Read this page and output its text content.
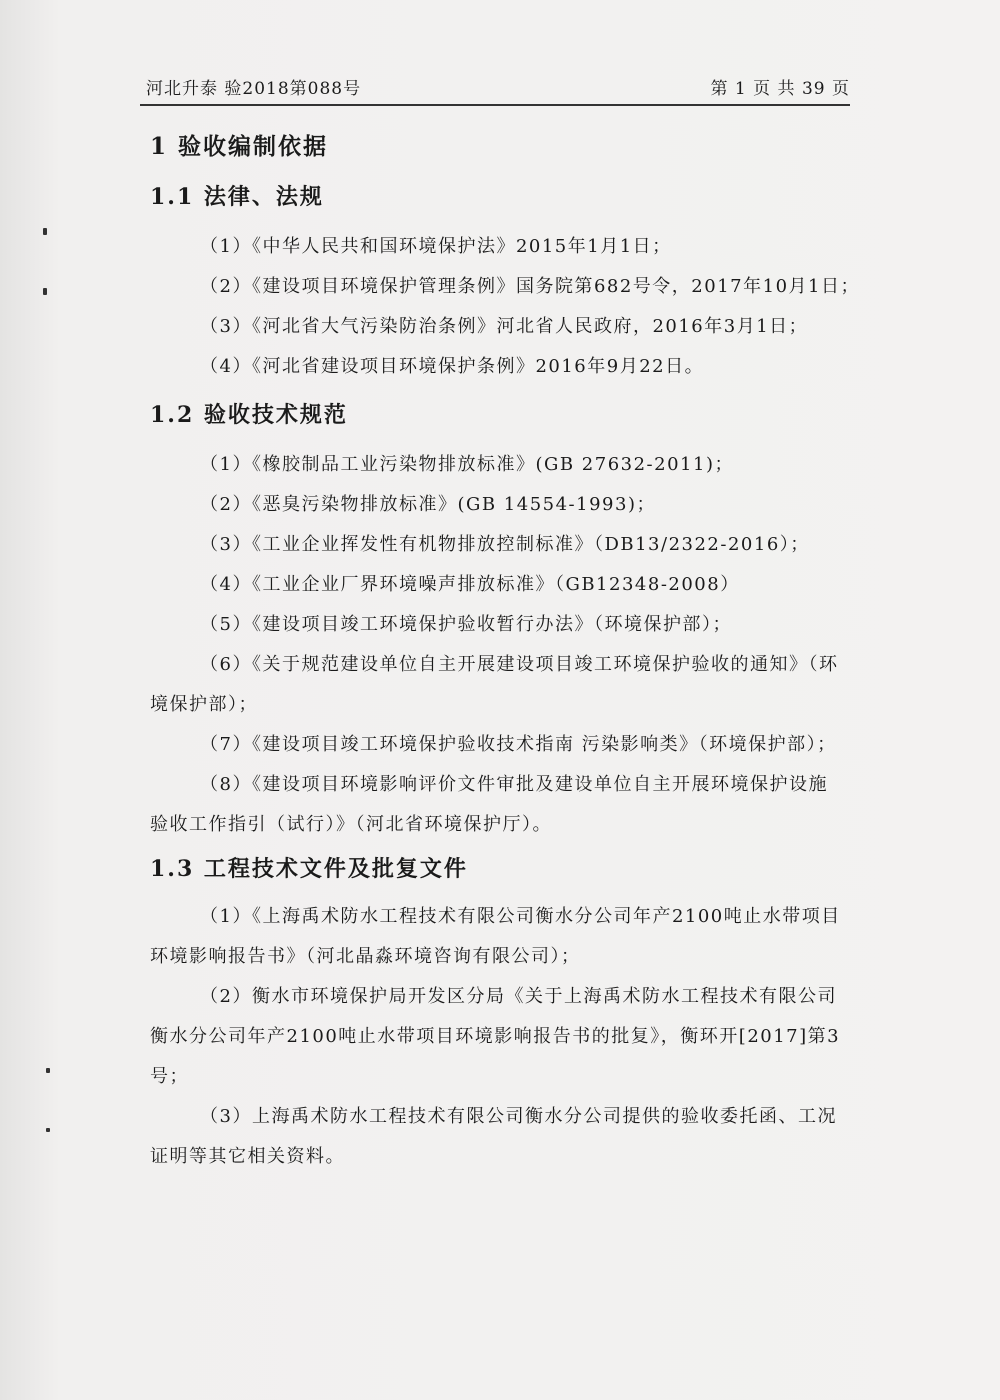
河北升泰 验2018第088号	第 1 页 共 39 页
1 验收编制依据
1.1 法律、法规
（1）《中华人民共和国环境保护法》2015年1月1日；
（2）《建设项目环境保护管理条例》国务院第682号令，2017年10月1日；
（3）《河北省大气污染防治条例》河北省人民政府，2016年3月1日；
（4）《河北省建设项目环境保护条例》2016年9月22日。
1.2 验收技术规范
（1）《橡胶制品工业污染物排放标准》(GB 27632-2011)；
（2）《恶臭污染物排放标准》(GB 14554-1993)；
（3）《工业企业挥发性有机物排放控制标准》（DB13/2322-2016）；
（4）《工业企业厂界环境噪声排放标准》（GB12348-2008）
（5）《建设项目竣工环境保护验收暂行办法》（环境保护部）；
（6）《关于规范建设单位自主开展建设项目竣工环境保护验收的通知》（环
境保护部）；
（7）《建设项目竣工环境保护验收技术指南 污染影响类》（环境保护部）；
（8）《建设项目环境影响评价文件审批及建设单位自主开展环境保护设施
验收工作指引（试行）》（河北省环境保护厅）。
1.3 工程技术文件及批复文件
（1）《上海禹术防水工程技术有限公司衡水分公司年产2100吨止水带项目
环境影响报告书》（河北晶淼环境咨询有限公司）；
（2）衡水市环境保护局开发区分局《关于上海禹术防水工程技术有限公司
衡水分公司年产2100吨止水带项目环境影响报告书的批复》，衡环开[2017]第3
号；
（3）上海禹术防水工程技术有限公司衡水分公司提供的验收委托函、工况
证明等其它相关资料。
